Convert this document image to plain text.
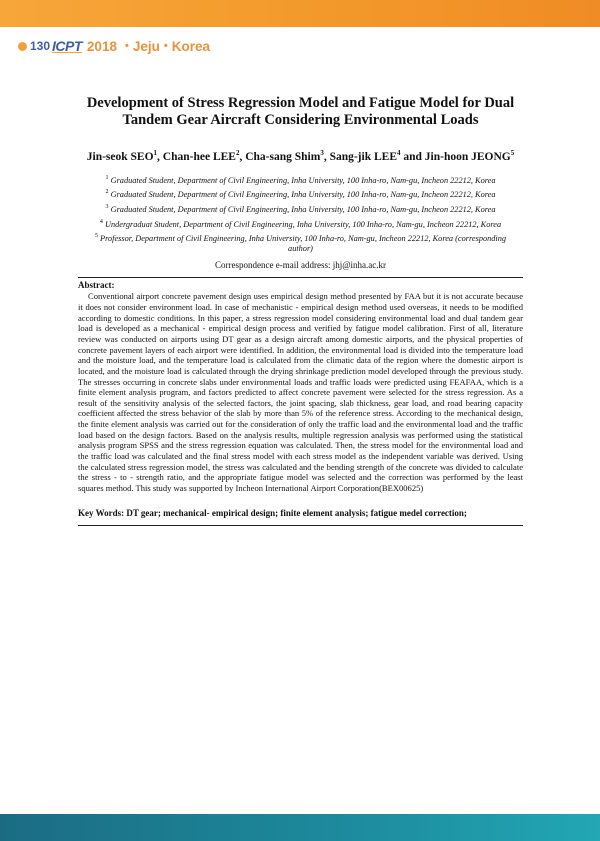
130 ICPT 2018 • Jeju • Korea
Development of Stress Regression Model and Fatigue Model for Dual Tandem Gear Aircraft Considering Environmental Loads
Jin-seok SEO$^1$, Chan-hee LEE$^2$, Cha-sang Shim$^3$, Sang-jik LEE$^4$ and Jin-hoon JEONG$^5$
$^1$ Graduated Student, Department of Civil Engineering, Inha University, 100 Inha-ro, Nam-gu, Incheon 22212, Korea
$^2$ Graduated Student, Department of Civil Engineering, Inha University, 100 Inha-ro, Nam-gu, Incheon 22212, Korea
$^3$ Graduated Student, Department of Civil Engineering, Inha University, 100 Inha-ro, Nam-gu, Incheon 22212, Korea
$^4$ Undergraduat Student, Department of Civil Engineering, Inha University, 100 Inha-ro, Nam-gu, Incheon 22212, Korea
$^5$ Professor, Department of Civil Engineering, Inha University, 100 Inha-ro, Nam-gu, Incheon 22212, Korea (corresponding author)
Correspondence e-mail address: jhj@inha.ac.kr
Abstract:

Conventional airport concrete pavement design uses empirical design method presented by FAA but it is not accurate because it does not consider environment load. In case of mechanistic - empirical design method used overseas, it needs to be modified according to domestic conditions. In this paper, a stress regression model considering environmental load and dual tandem gear load is developed as a mechanical - empirical design process and verified by fatigue model calibration. First of all, literature review was conducted on airports using DT gear as a design aircraft among domestic airports, and the physical properties of concrete pavement layers of each airport were identified. In addition, the environmental load is divided into the temperature load and the moisture load, and the temperature load is calculated from the climatic data of the region where the domestic airport is located, and the moisture load is calculated through the drying shrinkage prediction model developed through the previous study. The stresses occurring in concrete slabs under environmental loads and traffic loads were predicted using FEAFAA, which is a finite element analysis program, and factors predicted to affect concrete pavement were selected for the stress regression. As a result of the sensitivity analysis of the selected factors, the joint spacing, slab thickness, gear load, and road bearing capacity coefficient affected the stress behavior of the slab by more than 5% of the reference stress. According to the mechanical design, the finite element analysis was carried out for the consideration of only the traffic load and the environmental load and the traffic load based on the design factors. Based on the analysis results, multiple regression analysis was performed using the statistical analysis program SPSS and the stress regression equation was calculated. Then, the stress model for the environmental load and the traffic load was calculated and the final stress model with each stress model as the independent variable was derived. Using the calculated stress regression model, the stress was calculated and the bending strength of the concrete was divided to calculate the stress - to - strength ratio, and the appropriate fatigue model was selected and the correction was performed by the least squares method. This study was supported by Incheon International Airport Corporation(BEX00625)

Key Words: DT gear; mechanical- empirical design; finite element analysis; fatigue medel correction;
